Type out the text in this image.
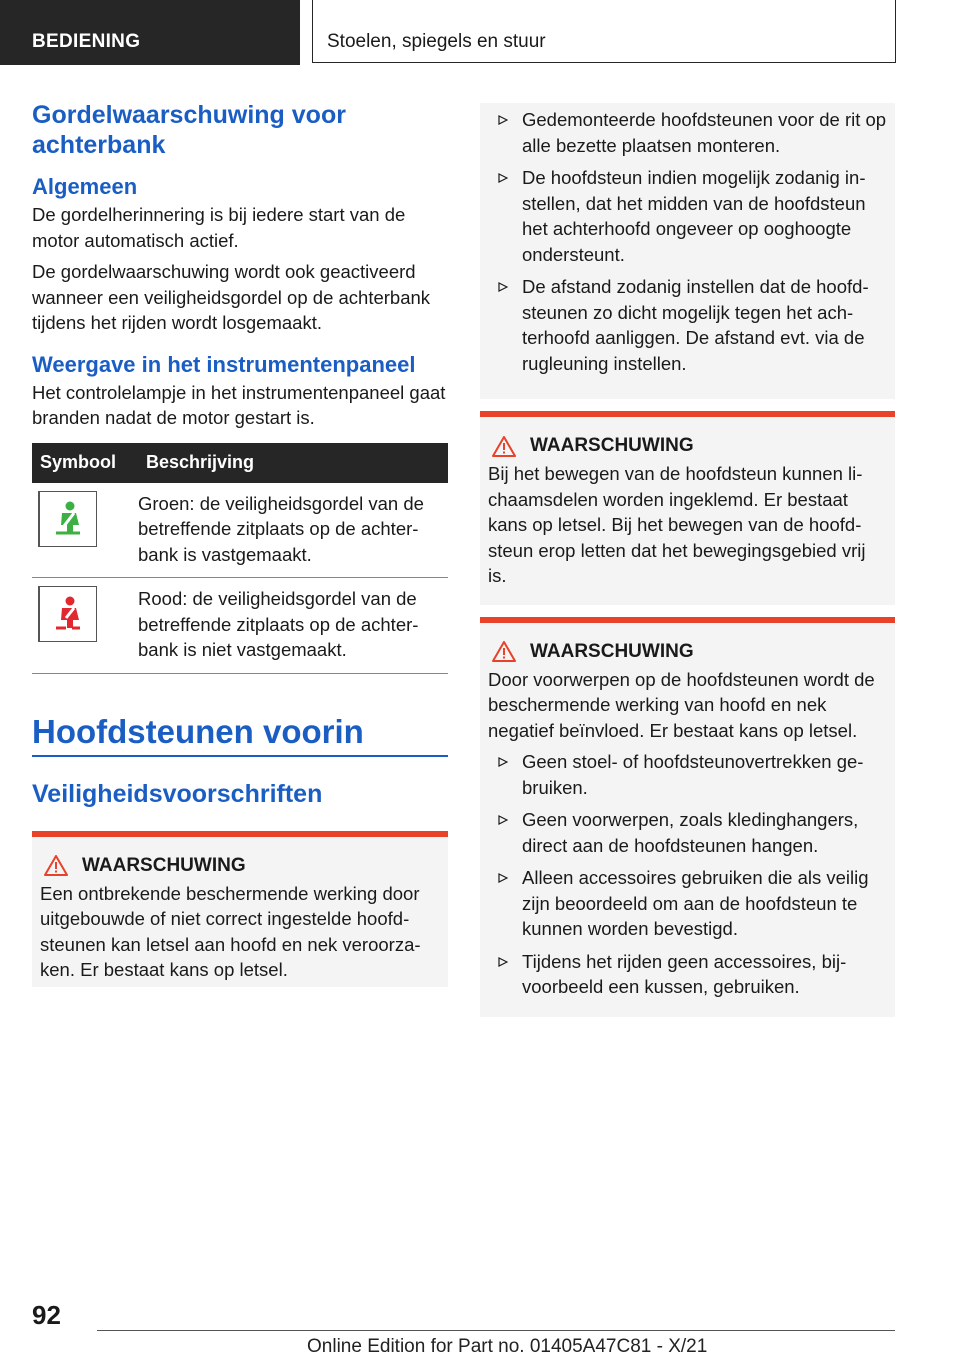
BEDIENING	Stoelen, spiegels en stuur
Gordelwaarschuwing voor achterbank
Algemeen

De gordelherinnering is bij iedere start van de motor automatisch actief.

De gordelwaarschuwing wordt ook geactiveerd wanneer een veiligheidsgordel op de achterbank tijdens het rijden wordt losgemaakt.

Weergave in het instrumentenpaneel

Het controlelampje in het instrumentenpaneel gaat branden nadat de motor gestart is.

Symbool	Beschrijving

	Groen: de veiligheidsgordel van de betreffende zitplaats op de achterbank is vastgemaakt.

	Rood: de veiligheidsgordel van de betreffende zitplaats op de achterbank is niet vastgemaakt.
Hoofdsteunen voorin
Veiligheidsvoorschriften
WAARSCHUWING

Een ontbrekende beschermende werking door uitgebouwde of niet correct ingestelde hoofdsteunen kan letsel aan hoofd en nek veroorzaken. Er bestaat kans op letsel.

Gedemonteerde hoofdsteunen voor de rit op alle bezette plaatsen monteren.
De hoofdsteun indien mogelijk zodanig instellen, dat het midden van de hoofdsteun het achterhoofd ongeveer op ooghoogte ondersteunt.
De afstand zodanig instellen dat de hoofdsteunen zo dicht mogelijk tegen het achterhoofd aanliggen. De afstand evt. via de rugleuning instellen.
WAARSCHUWING

Bij het bewegen van de hoofdsteun kunnen lichaamsdelen worden ingeklemd. Er bestaat kans op letsel. Bij het bewegen van de hoofdsteun erop letten dat het bewegingsgebied vrij is.

WAARSCHUWING

Door voorwerpen op de hoofdsteunen wordt de beschermende werking van hoofd en nek negatief beïnvloed. Er bestaat kans op letsel.

Geen stoel- of hoofdsteunovertrekken gebruiken.
Geen voorwerpen, zoals kledinghangers, direct aan de hoofdsteunen hangen.
Alleen accessoires gebruiken die als veilig zijn beoordeeld om aan de hoofdsteun te kunnen worden bevestigd.
Tijdens het rijden geen accessoires, bijvoorbeeld een kussen, gebruiken.
92
Online Edition for Part no. 01405A47C81 - X/21
